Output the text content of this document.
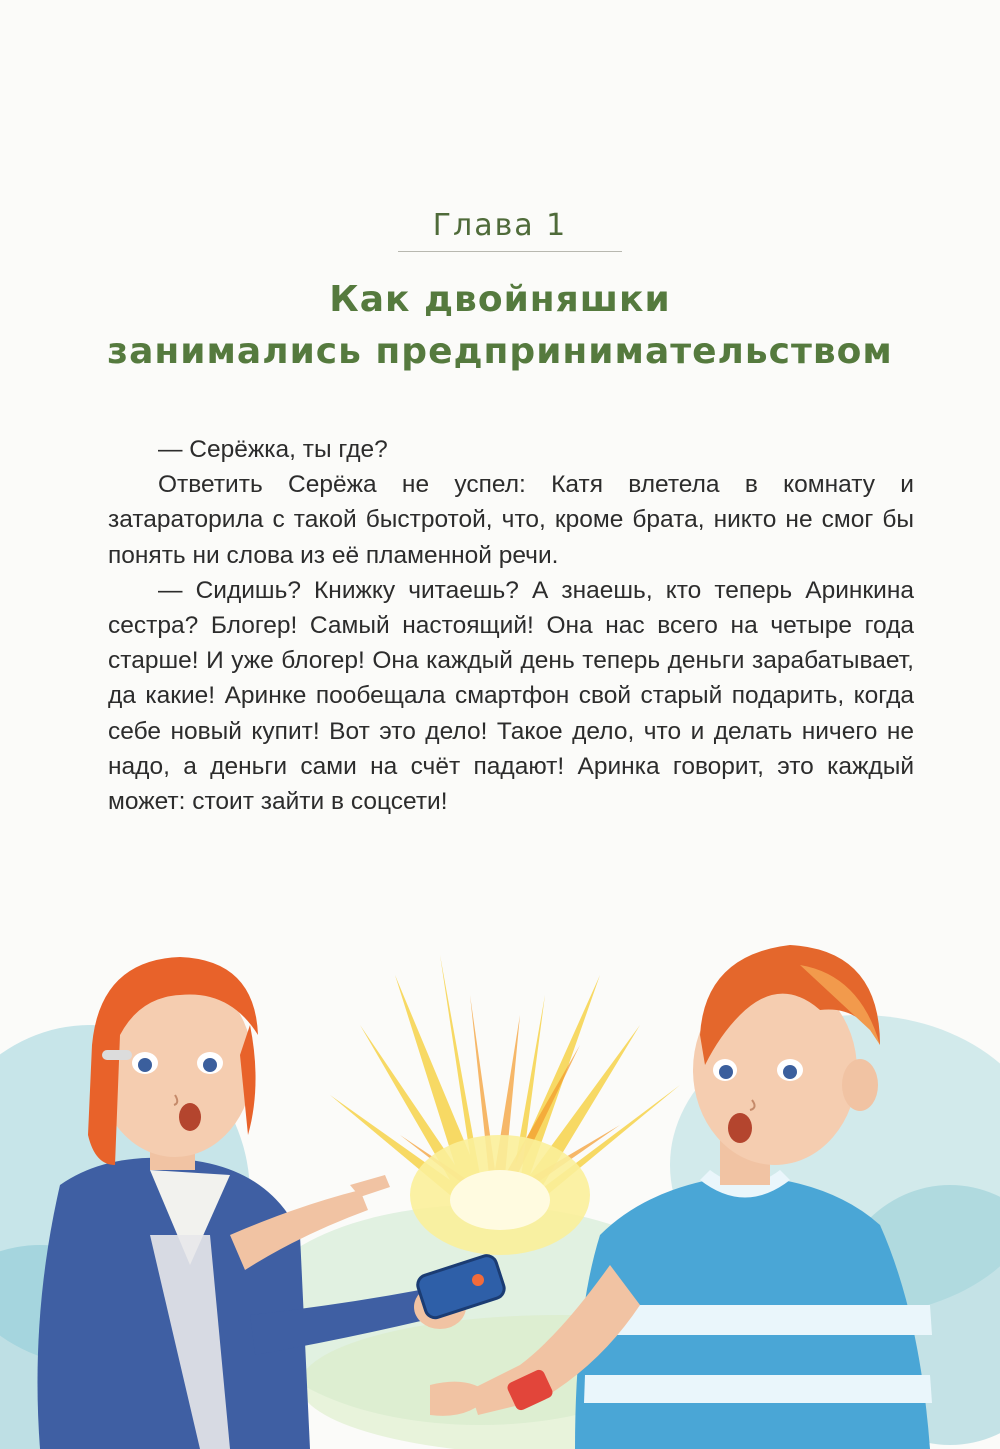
Глава 1
Как двойняшки
занимались предпринимательством

— Серёжка, ты где?

Ответить Серёжа не успел: Катя влетела в комнату и затараторила с такой быстротой, что, кроме брата, никто не смог бы понять ни слова из её пламенной речи.

— Сидишь? Книжку читаешь? А знаешь, кто теперь Аринкина сестра? Блогер! Самый настоящий! Она нас всего на четыре года старше! И уже блогер! Она каждый день теперь деньги зарабатывает, да какие! Аринке пообещала смартфон свой старый подарить, когда себе новый купит! Вот это дело! Такое дело, что и делать ничего не надо, а деньги сами на счёт падают! Аринка говорит, это каждый может: стоит зайти в соцсети!
